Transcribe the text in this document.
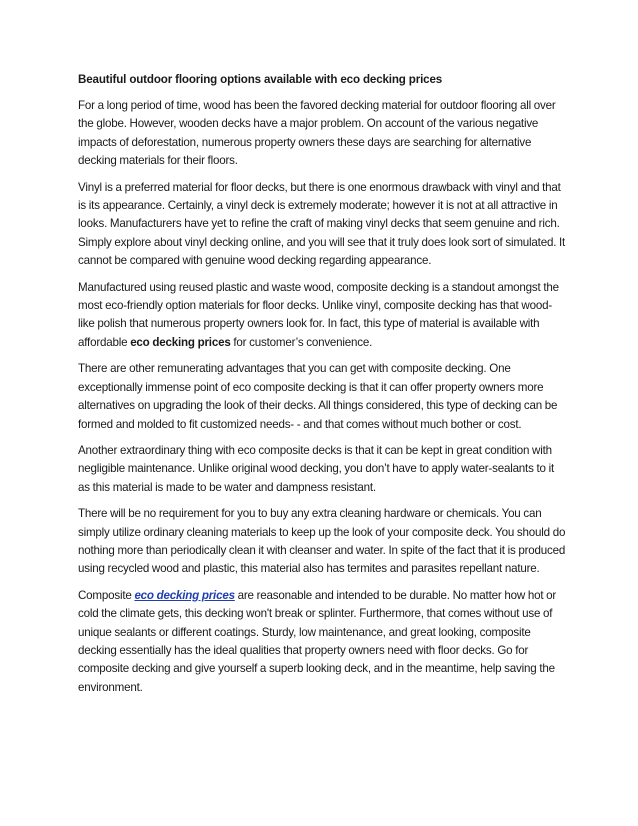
Beautiful outdoor flooring options available with eco decking prices

For a long period of time, wood has been the favored decking material for outdoor flooring all over the globe. However, wooden decks have a major problem. On account of the various negative impacts of deforestation, numerous property owners these days are searching for alternative decking materials for their floors.

Vinyl is a preferred material for floor decks, but there is one enormous drawback with vinyl and that is its appearance. Certainly, a vinyl deck is extremely moderate; however it is not at all attractive in looks. Manufacturers have yet to refine the craft of making vinyl decks that seem genuine and rich. Simply explore about vinyl decking online, and you will see that it truly does look sort of simulated. It cannot be compared with genuine wood decking regarding appearance.

Manufactured using reused plastic and waste wood, composite decking is a standout amongst the most eco-friendly option materials for floor decks. Unlike vinyl, composite decking has that wood-like polish that numerous property owners look for. In fact, this type of material is available with affordable eco decking prices for customer’s convenience.

There are other remunerating advantages that you can get with composite decking. One exceptionally immense point of eco composite decking is that it can offer property owners more alternatives on upgrading the look of their decks. All things considered, this type of decking can be formed and molded to fit customized needs- - and that comes without much bother or cost.

Another extraordinary thing with eco composite decks is that it can be kept in great condition with negligible maintenance. Unlike original wood decking, you don’t have to apply water-sealants to it as this material is made to be water and dampness resistant.

There will be no requirement for you to buy any extra cleaning hardware or chemicals. You can simply utilize ordinary cleaning materials to keep up the look of your composite deck. You should do nothing more than periodically clean it with cleanser and water. In spite of the fact that it is produced using recycled wood and plastic, this material also has termites and parasites repellant nature.

Composite eco decking prices are reasonable and intended to be durable. No matter how hot or cold the climate gets, this decking won't break or splinter. Furthermore, that comes without use of unique sealants or different coatings. Sturdy, low maintenance, and great looking, composite decking essentially has the ideal qualities that property owners need with floor decks. Go for composite decking and give yourself a superb looking deck, and in the meantime, help saving the environment.
